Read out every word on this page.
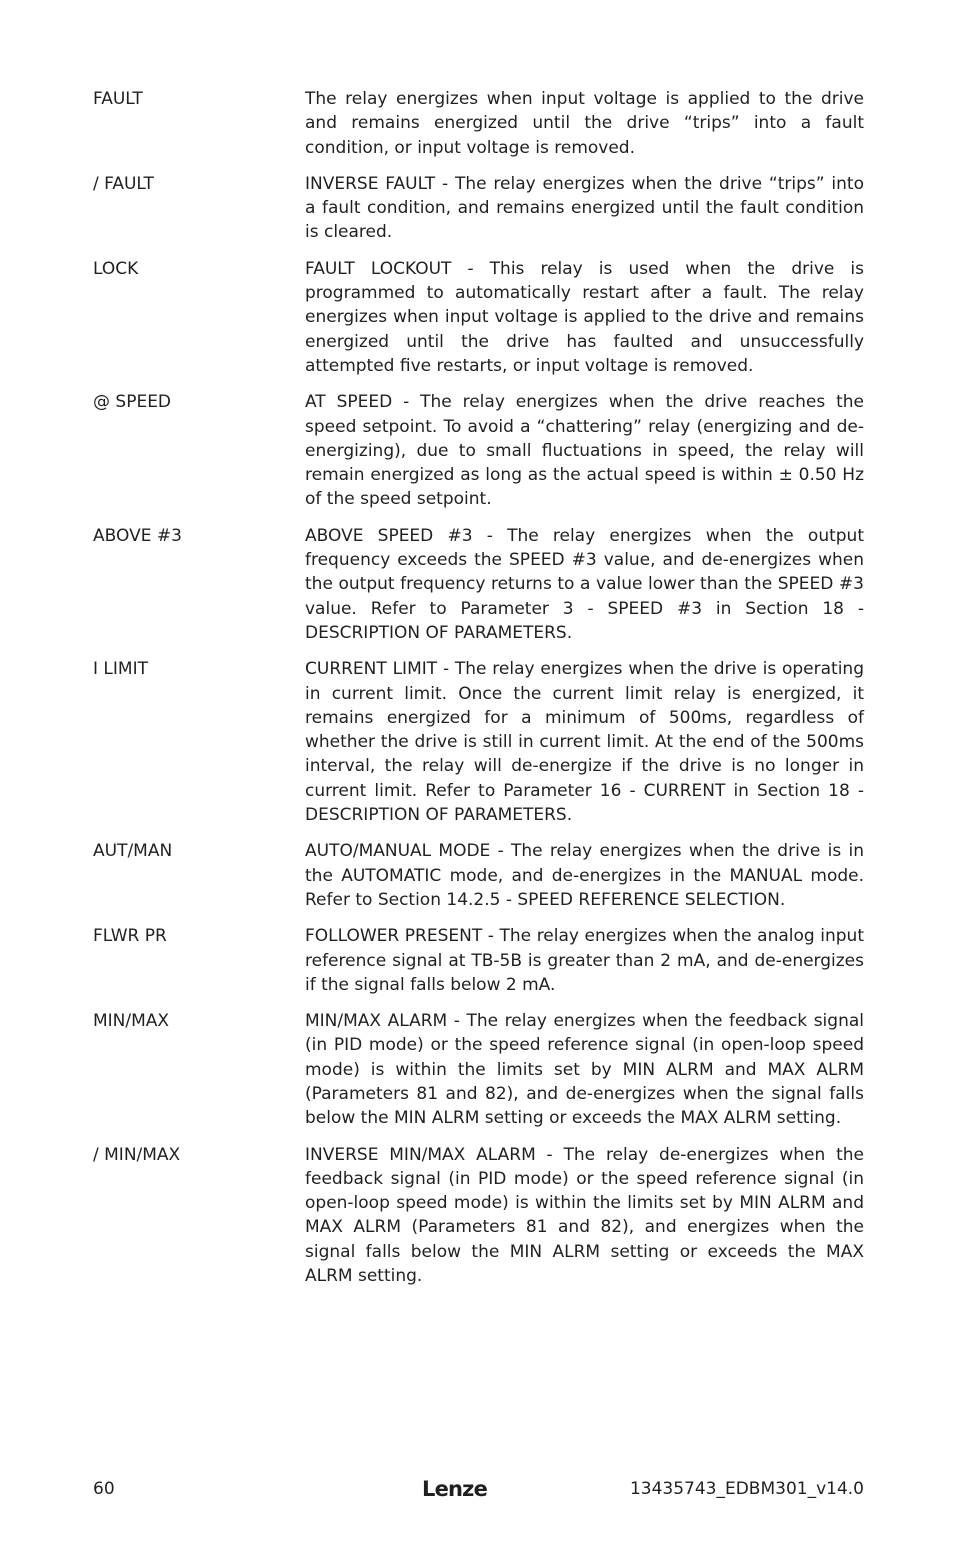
FAULT	The relay energizes when input voltage is applied to the drive and remains energized until the drive “trips” into a fault condition, or input voltage is removed.
/ FAULT	INVERSE FAULT - The relay energizes when the drive “trips” into a fault condition, and remains energized until the fault condition is cleared.
LOCK	FAULT LOCKOUT - This relay is used when the drive is programmed to automatically restart after a fault. The relay energizes when input voltage is applied to the drive and remains energized until the drive has faulted and unsuccessfully attempted five restarts, or input voltage is removed.
@ SPEED	AT SPEED - The relay energizes when the drive reaches the speed setpoint. To avoid a “chattering” relay (energizing and de-energizing), due to small fluctuations in speed, the relay will remain energized as long as the actual speed is within ± 0.50 Hz of the speed setpoint.
ABOVE #3	ABOVE SPEED #3 - The relay energizes when the output frequency exceeds the SPEED #3 value, and de-energizes when the output frequency returns to a value lower than the SPEED #3 value. Refer to Parameter 3 - SPEED #3 in Section 18 - DESCRIPTION OF PARAMETERS.
I LIMIT	CURRENT LIMIT - The relay energizes when the drive is operating in current limit. Once the current limit relay is energized, it remains energized for a minimum of 500ms, regardless of whether the drive is still in current limit. At the end of the 500ms interval, the relay will de-energize if the drive is no longer in current limit. Refer to Parameter 16 - CURRENT in Section 18 - DESCRIPTION OF PARAMETERS.
AUT/MAN	AUTO/MANUAL MODE - The relay energizes when the drive is in the AUTOMATIC mode, and de-energizes in the MANUAL mode. Refer to Section 14.2.5 - SPEED REFERENCE SELECTION.
FLWR PR	FOLLOWER PRESENT - The relay energizes when the analog input reference signal at TB-5B is greater than 2 mA, and de-energizes if the signal falls below 2 mA.
MIN/MAX	MIN/MAX ALARM - The relay energizes when the feedback signal (in PID mode) or the speed reference signal (in open-loop speed mode) is within the limits set by MIN ALRM and MAX ALRM (Parameters 81 and 82), and de-energizes when the signal falls below the MIN ALRM setting or exceeds the MAX ALRM setting.
/ MIN/MAX	INVERSE MIN/MAX ALARM - The relay de-energizes when the feedback signal (in PID mode) or the speed reference signal (in open-loop speed mode) is within the limits set by MIN ALRM and MAX ALRM (Parameters 81 and 82), and energizes when the signal falls below the MIN ALRM setting or exceeds the MAX ALRM setting.
60	Lenze	13435743_EDBM301_v14.0
